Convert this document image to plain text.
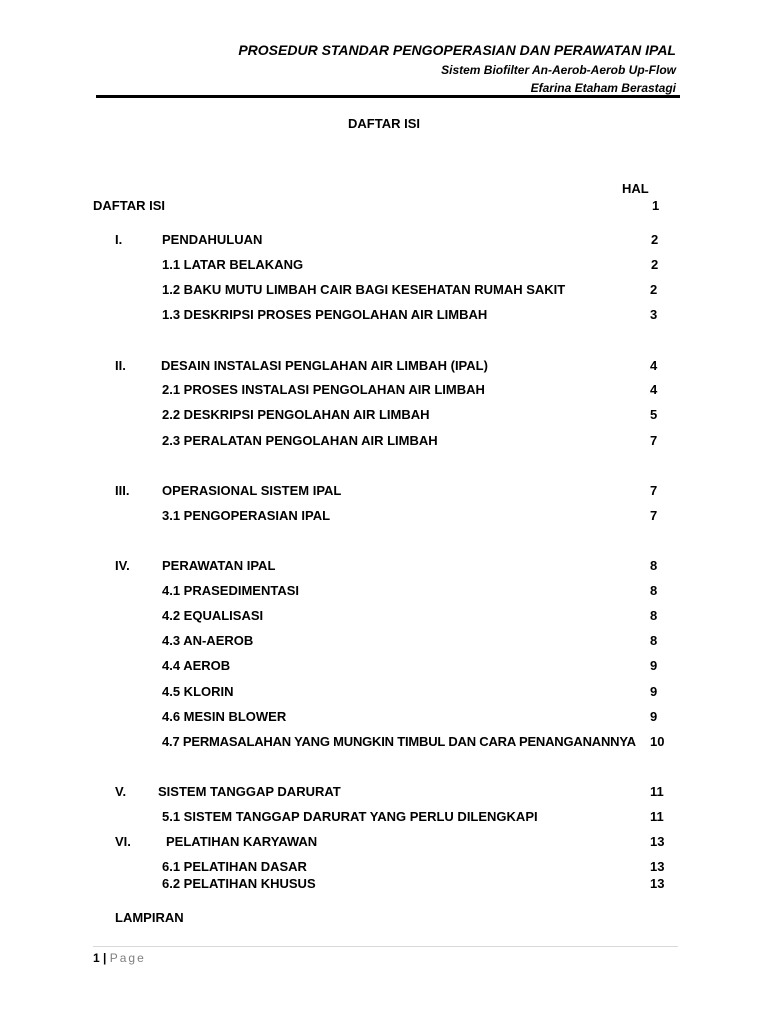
PROSEDUR STANDAR PENGOPERASIAN DAN PERAWATAN IPAL
Sistem Biofilter An-Aerob-Aerob Up-Flow
Efarina Etaham Berastagi
DAFTAR ISI
HAL
DAFTAR ISI	1
I.	PENDAHULUAN	2
1.1 LATAR BELAKANG	2
1.2 BAKU MUTU LIMBAH CAIR BAGI KESEHATAN RUMAH SAKIT	2
1.3 DESKRIPSI PROSES PENGOLAHAN AIR LIMBAH	3
II.	DESAIN INSTALASI PENGLAHAN AIR LIMBAH (IPAL)	4
2.1 PROSES INSTALASI PENGOLAHAN AIR LIMBAH	4
2.2 DESKRIPSI PENGOLAHAN AIR LIMBAH	5
2.3 PERALATAN PENGOLAHAN AIR LIMBAH	7
III.	OPERASIONAL SISTEM IPAL	7
3.1 PENGOPERASIAN IPAL	7
IV. PERAWATAN IPAL	8
4.1 PRASEDIMENTASI	8
4.2 EQUALISASI	8
4.3 AN-AEROB	8
4.4 AEROB	9
4.5 KLORIN	9
4.6 MESIN BLOWER	9
4.7 PERMASALAHAN YANG MUNGKIN TIMBUL DAN CARA PENANGANANNYA 10
V. SISTEM TANGGAP DARURAT	11
5.1 SISTEM TANGGAP DARURAT YANG PERLU DILENGKAPI	11
VI.	PELATIHAN KARYAWAN	13
6.1 PELATIHAN DASAR	13
6.2 PELATIHAN KHUSUS	13
LAMPIRAN
1 | Page
